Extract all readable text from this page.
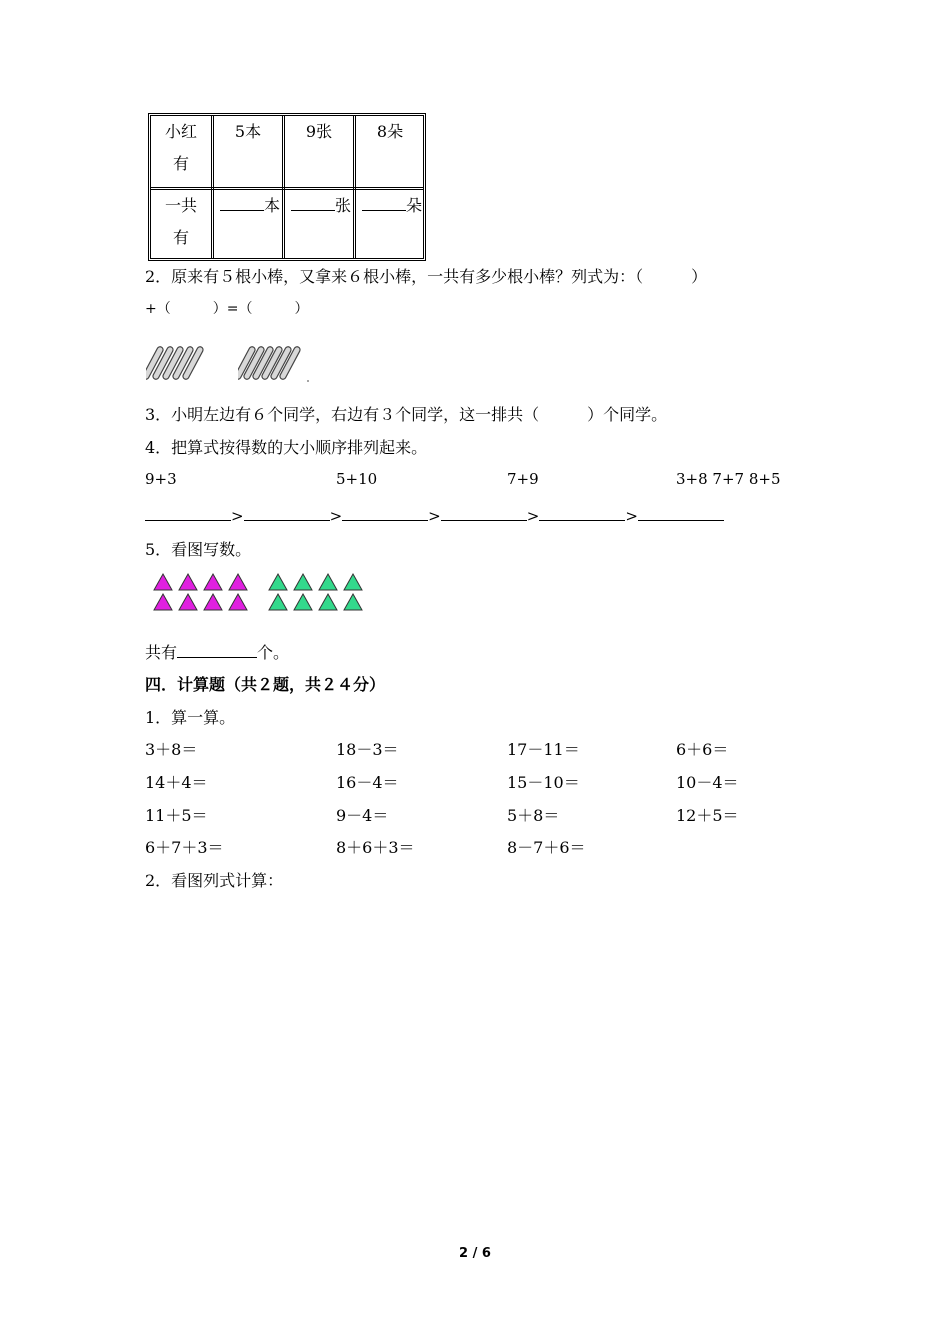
小红
有
5本	9张	8朵
一共
有
本	张	朵
2．原来有５根小棒，又拿来６根小棒，一共有多少根小棒？列式为：（　　　）
+（　　　）=（　　　）
3．小明左边有６个同学，右边有３个同学，这一排共（　　　）个同学。
4．把算式按得数的大小顺序排列起来。
9+3	5+10	7+9	3+8 7+7 8+5
>	>	>	>	>
5．看图写数。
共有	个。
四．计算题（共２题，共２４分）
1．算一算。
3＋8＝	18－3＝	17－11＝	6＋6＝
14＋4＝	16－4＝	15－10＝	10－4＝
11＋5＝	9－4＝	5＋8＝	12＋5＝
6＋7＋3＝	8＋6＋3＝	8－7＋6＝
2．看图列式计算：
2 / 6
